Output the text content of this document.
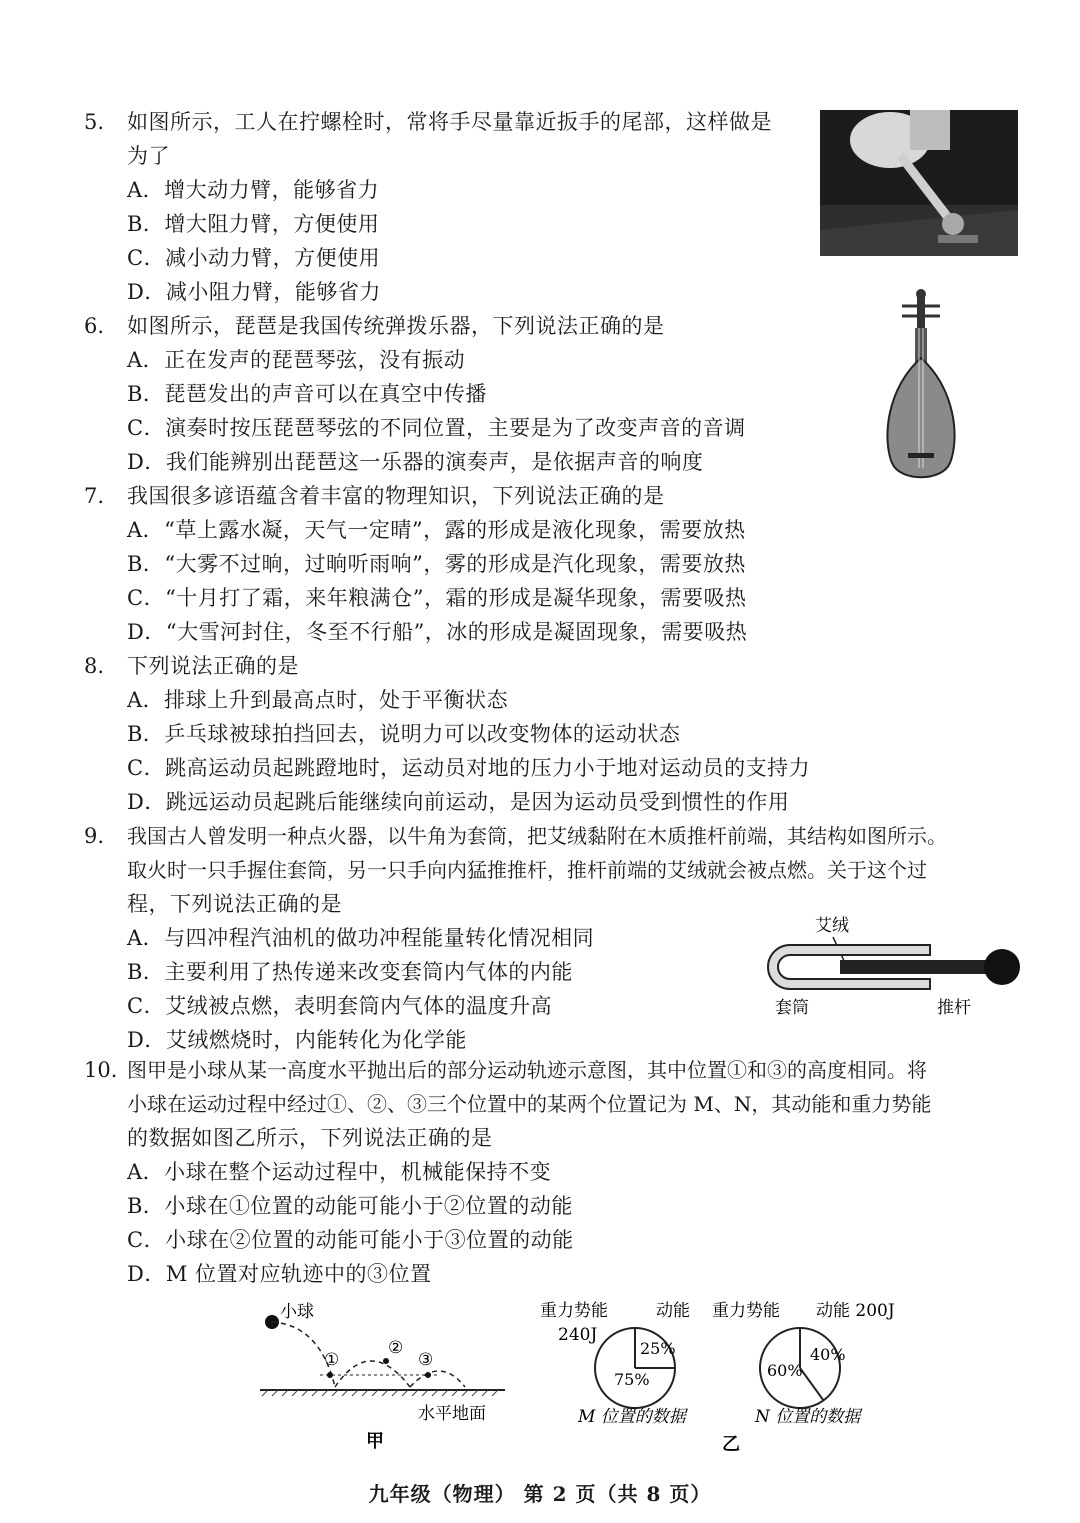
5. 如图所示，工人在拧螺栓时，常将手尽量靠近扳手的尾部，这样做是
为了
A．增大动力臂，能够省力
B．增大阻力臂，方便使用
C．减小动力臂，方便使用
D．减小阻力臂，能够省力
6. 如图所示，琵琶是我国传统弹拨乐器，下列说法正确的是
A．正在发声的琵琶琴弦，没有振动
B．琵琶发出的声音可以在真空中传播
C．演奏时按压琵琶琴弦的不同位置，主要是为了改变声音的音调
D．我们能辨别出琵琶这一乐器的演奏声，是依据声音的响度
7. 我国很多谚语蕴含着丰富的物理知识，下列说法正确的是
A．“草上露水凝，天气一定晴”，露的形成是液化现象，需要放热
B．“大雾不过晌，过晌听雨响”，雾的形成是汽化现象，需要放热
C．“十月打了霜，来年粮满仓”，霜的形成是凝华现象，需要吸热
D．“大雪河封住，冬至不行船”，冰的形成是凝固现象，需要吸热
8. 下列说法正确的是
A．排球上升到最高点时，处于平衡状态
B．乒乓球被球拍挡回去，说明力可以改变物体的运动状态
C．跳高运动员起跳蹬地时，运动员对地的压力小于地对运动员的支持力
D．跳远运动员起跳后能继续向前运动，是因为运动员受到惯性的作用
9. 我国古人曾发明一种点火器，以牛角为套筒，把艾绒黏附在木质推杆前端，其结构如图所示。
取火时一只手握住套筒，另一只手向内猛推推杆，推杆前端的艾绒就会被点燃。关于这个过
程，下列说法正确的是
A．与四冲程汽油机的做功冲程能量转化情况相同
B．主要利用了热传递来改变套筒内气体的内能
C．艾绒被点燃，表明套筒内气体的温度升高
D．艾绒燃烧时，内能转化为化学能
艾绒
套筒	推杆
10. 图甲是小球从某一高度水平抛出后的部分运动轨迹示意图，其中位置①和③的高度相同。将
小球在运动过程中经过①、②、③三个位置中的某两个位置记为 M、N，其动能和重力势能
的数据如图乙所示，下列说法正确的是
A．小球在整个运动过程中，机械能保持不变
B．小球在①位置的动能可能小于②位置的动能
C．小球在②位置的动能可能小于③位置的动能
D．M 位置对应轨迹中的③位置
小球
①
②
③
水平地面
甲
重力势能
240J
动能
25%
75%
M 位置的数据
重力势能 动能 200J
40%
60%
N 位置的数据
乙
九年级（物理） 第 2 页（共 8 页）
